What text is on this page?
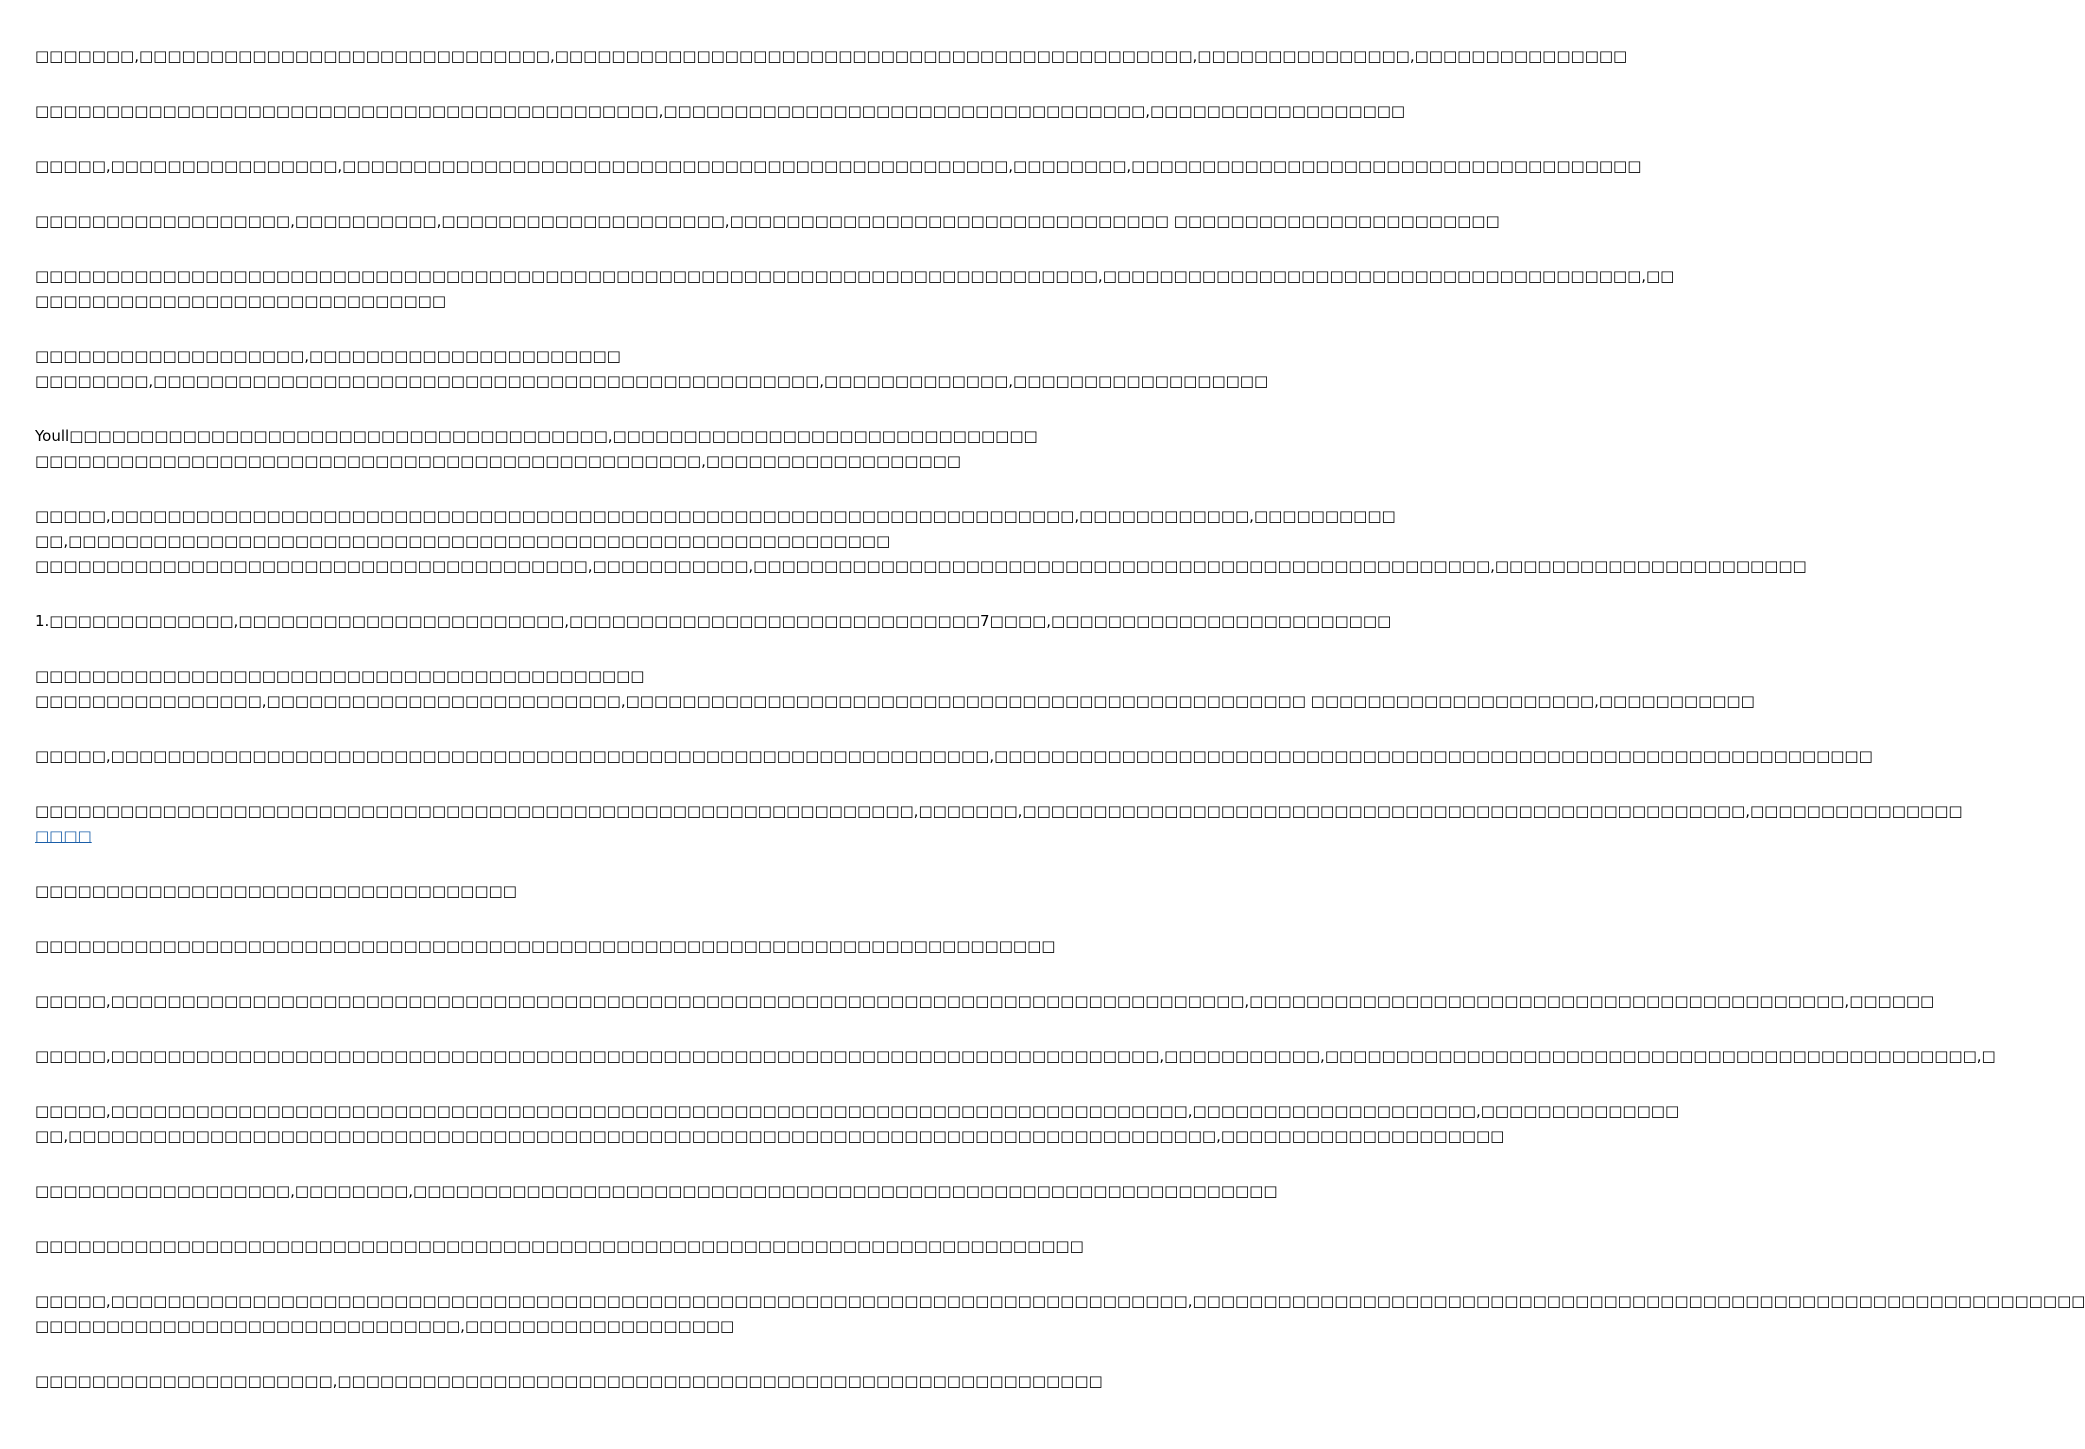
□□□□□□□,□□□□□□□□□□□□□□□□□□□□□□□□□□□□□,□□□□□□□□□□□□□□□□□□□□□□□□□□□□□□□□□□□□□□□□□□□□□,□□□□□□□□□□□□□□□,□□□□□□□□□□□□□□□

□□□□□□□□□□□□□□□□□□□□□□□□□□□□□□□□□□□□□□□□□□□□,□□□□□□□□□□□□□□□□□□□□□□□□□□□□□□□□□□,□□□□□□□□□□□□□□□□□□

□□□□□,□□□□□□□□□□□□□□□□,□□□□□□□□□□□□□□□□□□□□□□□□□□□□□□□□□□□□□□□□□□□□□□□,□□□□□□□□,□□□□□□□□□□□□□□□□□□□□□□□□□□□□□□□□□□□□

□□□□□□□□□□□□□□□□□□,□□□□□□□□□□,□□□□□□□□□□□□□□□□□□□□,□□□□□□□□□□□□□□□□□□□□□□□□□□□□□□□ □□□□□□□□□□□□□□□□□□□□□□□

□□□□□□□□□□□□□□□□□□□□□□□□□□□□□□□□□□□□□□□□□□□□□□□□□□□□□□□□□□□□□□□□□□□□□□□□□□□,□□□□□□□□□□□□□□□□□□□□□□□□□□□□□□□□□□□□□□,□□
□□□□□□□□□□□□□□□□□□□□□□□□□□□□□

□□□□□□□□□□□□□□□□□□□,□□□□□□□□□□□□□□□□□□□□□□
□□□□□□□□,□□□□□□□□□□□□□□□□□□□□□□□□□□□□□□□□□□□□□□□□□□□□□□□,□□□□□□□□□□□□□,□□□□□□□□□□□□□□□□□□

Youll□□□□□□□□□□□□□□□□□□□□□□□□□□□□□□□□□□□□□□,□□□□□□□□□□□□□□□□□□□□□□□□□□□□□□
□□□□□□□□□□□□□□□□□□□□□□□□□□□□□□□□□□□□□□□□□□□□□□□,□□□□□□□□□□□□□□□□□□

□□□□□,□□□□□□□□□□□□□□□□□□□□□□□□□□□□□□□□□□□□□□□□□□□□□□□□□□□□□□□□□□□□□□□□□□□□,□□□□□□□□□□□□,□□□□□□□□□□
□□,□□□□□□□□□□□□□□□□□□□□□□□□□□□□□□□□□□□□□□□□□□□□□□□□□□□□□□□□□□
□□□□□□□□□□□□□□□□□□□□□□□□□□□□□□□□□□□□□□□,□□□□□□□□□□□,□□□□□□□□□□□□□□□□□□□□□□□□□□□□□□□□□□□□□□□□□□□□□□□□□□□□,□□□□□□□□□□□□□□□□□□□□□□

1.□□□□□□□□□□□□□,□□□□□□□□□□□□□□□□□□□□□□□,□□□□□□□□□□□□□□□□□□□□□□□□□□□□□7□□□□,□□□□□□□□□□□□□□□□□□□□□□□□

□□□□□□□□□□□□□□□□□□□□□□□□□□□□□□□□□□□□□□□□□□□
□□□□□□□□□□□□□□□□,□□□□□□□□□□□□□□□□□□□□□□□□□,□□□□□□□□□□□□□□□□□□□□□□□□□□□□□□□□□□□□□□□□□□□□□□□□ □□□□□□□□□□□□□□□□□□□□,□□□□□□□□□□□

□□□□□,□□□□□□□□□□□□□□□□□□□□□□□□□□□□□□□□□□□□□□□□□□□□□□□□□□□□□□□□□□□□□□,□□□□□□□□□□□□□□□□□□□□□□□□□□□□□□□□□□□□□□□□□□□□□□□□□□□□□□□□□□□□□□

□□□□□□□□□□□□□□□□□□□□□□□□□□□□□□□□□□□□□□□□□□□□□□□□□□□□□□□□□□□□□□,□□□□□□□,□□□□□□□□□□□□□□□□□□□□□□□□□□□□□□□□□□□□□□□□□□□□□□□□□□□,□□□□□□□□□□□□□□□
□□□□

□□□□□□□□□□□□□□□□□□□□□□□□□□□□□□□□□□

□□□□□□□□□□□□□□□□□□□□□□□□□□□□□□□□□□□□□□□□□□□□□□□□□□□□□□□□□□□□□□□□□□□□□□□□

□□□□□,□□□□□□□□□□□□□□□□□□□□□□□□□□□□□□□□□□□□□□□□□□□□□□□□□□□□□□□□□□□□□□□□□□□□□□□□□□□□□□□□,□□□□□□□□□□□□□□□□□□□□□□□□□□□□□□□□□□□□□□□□□□,□□□□□□

□□□□□,□□□□□□□□□□□□□□□□□□□□□□□□□□□□□□□□□□□□□□□□□□□□□□□□□□□□□□□□□□□□□□□□□□□□□□□□□□,□□□□□□□□□□□,□□□□□□□□□□□□□□□□□□□□□□□□□□□□□□□□□□□□□□□□□□□□□□,□

□□□□□,□□□□□□□□□□□□□□□□□□□□□□□□□□□□□□□□□□□□□□□□□□□□□□□□□□□□□□□□□□□□□□□□□□□□□□□□□□□□,□□□□□□□□□□□□□□□□□□□□,□□□□□□□□□□□□□□
□□,□□□□□□□□□□□□□□□□□□□□□□□□□□□□□□□□□□□□□□□□□□□□□□□□□□□□□□□□□□□□□□□□□□□□□□□□□□□□□□□□□,□□□□□□□□□□□□□□□□□□□□

□□□□□□□□□□□□□□□□□□,□□□□□□□□,□□□□□□□□□□□□□□□□□□□□□□□□□□□□□□□□□□□□□□□□□□□□□□□□□□□□□□□□□□□□□

□□□□□□□□□□□□□□□□□□□□□□□□□□□□□□□□□□□□□□□□□□□□□□□□□□□□□□□□□□□□□□□□□□□□□□□□□□

□□□□□,□□□□□□□□□□□□□□□□□□□□□□□□□□□□□□□□□□□□□□□□□□□□□□□□□□□□□□□□□□□□□□□□□□□□□□□□□□□□,□□□□□□□□□□□□□□□□□□□□□□□□□□□□□□□□□□□□□□□□□□□□□□□□□□□□□□□□□□□□□□□
□□□□□□□□□□□□□□□□□□□□□□□□□□□□□□,□□□□□□□□□□□□□□□□□□□

□□□□□□□□□□□□□□□□□□□□□,□□□□□□□□□□□□□□□□□□□□□□□□□□□□□□□□□□□□□□□□□□□□□□□□□□□□□□
